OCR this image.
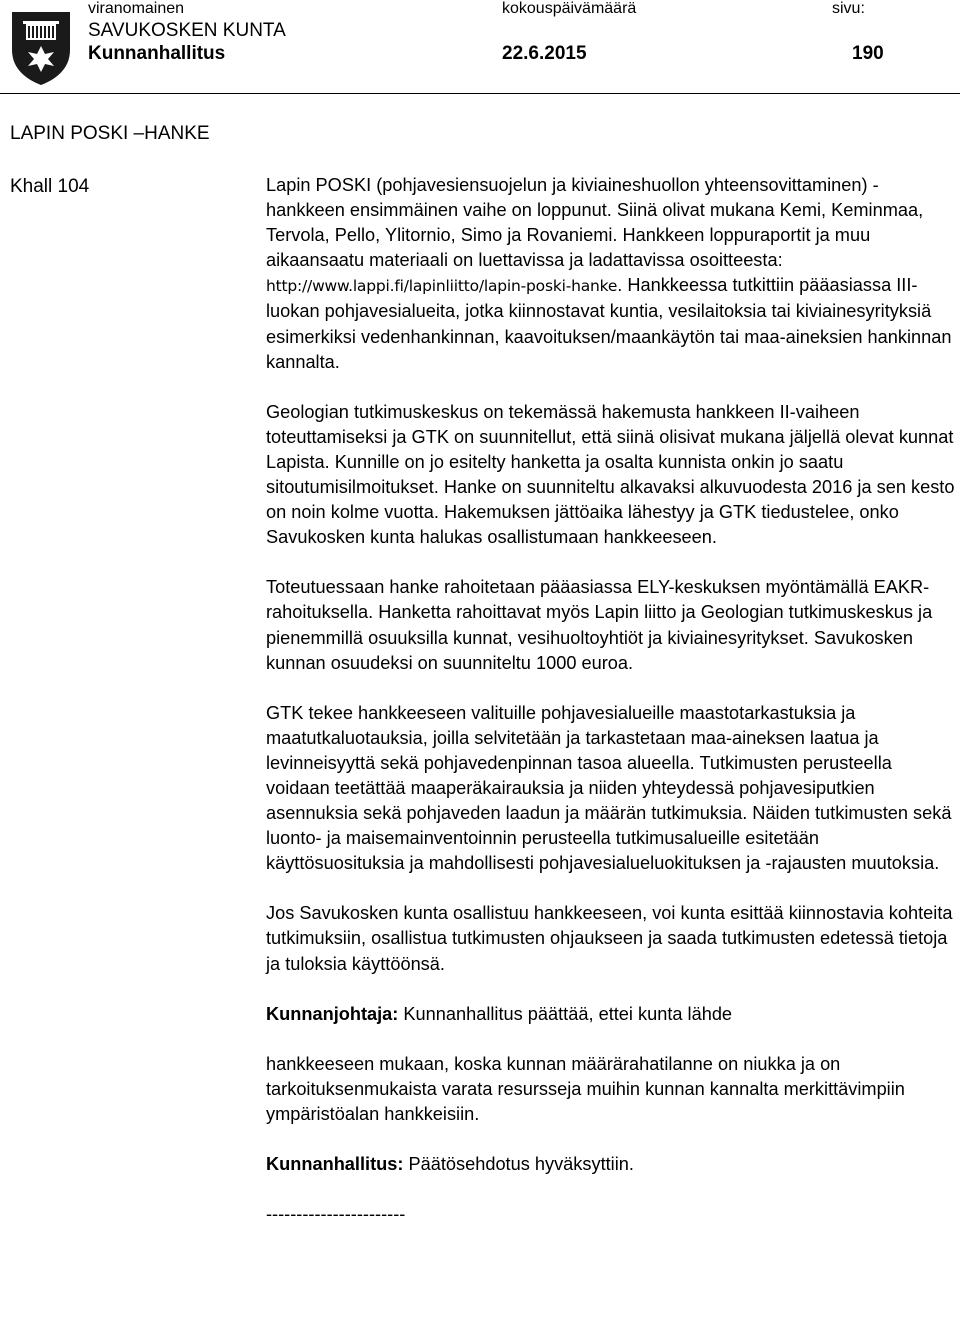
viranomainen	kokouspäivämäärä	sivu:
SAVUKOSKEN KUNTA
Kunnanhallitus	22.6.2015	190
LAPIN POSKI –HANKE
Khall 104	Lapin POSKI (pohjavesiensuojelun ja kiviaineshuollon yhteensovittaminen) -hankkeen ensimmäinen vaihe on loppunut. Siinä olivat mukana Kemi, Keminmaa, Tervola, Pello, Ylitornio, Simo ja Rovaniemi. Hankkeen loppuraportit ja muu aikaansaatu materiaali on luettavissa ja ladattavissa osoitteesta: http://www.lappi.fi/lapinliitto/lapin-poski-hanke. Hankkeessa tutkittiin pääasiassa III-luokan pohjavesialueita, jotka kiinnostavat kuntia, vesilaitoksia tai kiviainesyrityksiä esimerkiksi vedenhankinnan, kaavoituksen/maankäytön tai maa-aineksien hankinnan kannalta.

Geologian tutkimuskeskus on tekemässä hakemusta hankkeen II-vaiheen toteuttamiseksi ja GTK on suunnitellut, että siinä olisivat mukana jäljellä olevat kunnat Lapista. Kunnille on jo esitelty hanketta ja osalta kunnista onkin jo saatu sitoutumisilmoitukset. Hanke on suunniteltu alkavaksi alkuvuodesta 2016 ja sen kesto on noin kolme vuotta. Hakemuksen jättöaika lähestyy ja GTK tiedustelee, onko Savukosken kunta halukas osallistumaan hankkeeseen.

Toteutuessaan hanke rahoitetaan pääasiassa ELY-keskuksen myöntämällä EAKR-rahoituksella. Hanketta rahoittavat myös Lapin liitto ja Geologian tutkimuskeskus ja pienemmillä osuuksilla kunnat, vesihuoltoyhtiöt ja kiviainesyritykset. Savukosken kunnan osuudeksi on suunniteltu 1000 euroa.

GTK tekee hankkeeseen valituille pohjavesialueille maastotarkastuksia ja maatutkaluotauksia, joilla selvitetään ja tarkastetaan maa-aineksen laatua ja levinneisyyttä sekä pohjavedenpinnan tasoa alueella. Tutkimusten perusteella voidaan teetättää maaperäkairauksia ja niiden yhteydessä pohjavesiputkien asennuksia sekä pohjaveden laadun ja määrän tutkimuksia. Näiden tutkimusten sekä luonto- ja maisemainventoinnin perusteella tutkimusalueille esitetään käyttösuosituksia ja mahdollisesti pohjavesialueluokituksen ja -rajausten muutoksia.

Jos Savukosken kunta osallistuu hankkeeseen, voi kunta esittää kiinnostavia kohteita tutkimuksiin, osallistua tutkimusten ohjaukseen ja saada tutkimusten edetessä tietoja ja tuloksia käyttöönsä.

Kunnanjohtaja: Kunnanhallitus päättää, ettei kunta lähde

hankkeeseen mukaan, koska kunnan määrärahatilanne on niukka ja on tarkoituksenmukaista varata resursseja muihin kunnan kannalta merkittävimpiin ympäristöalan hankkeisiin.

Kunnanhallitus: Päätösehdotus hyväksyttiin.

-----------------------
